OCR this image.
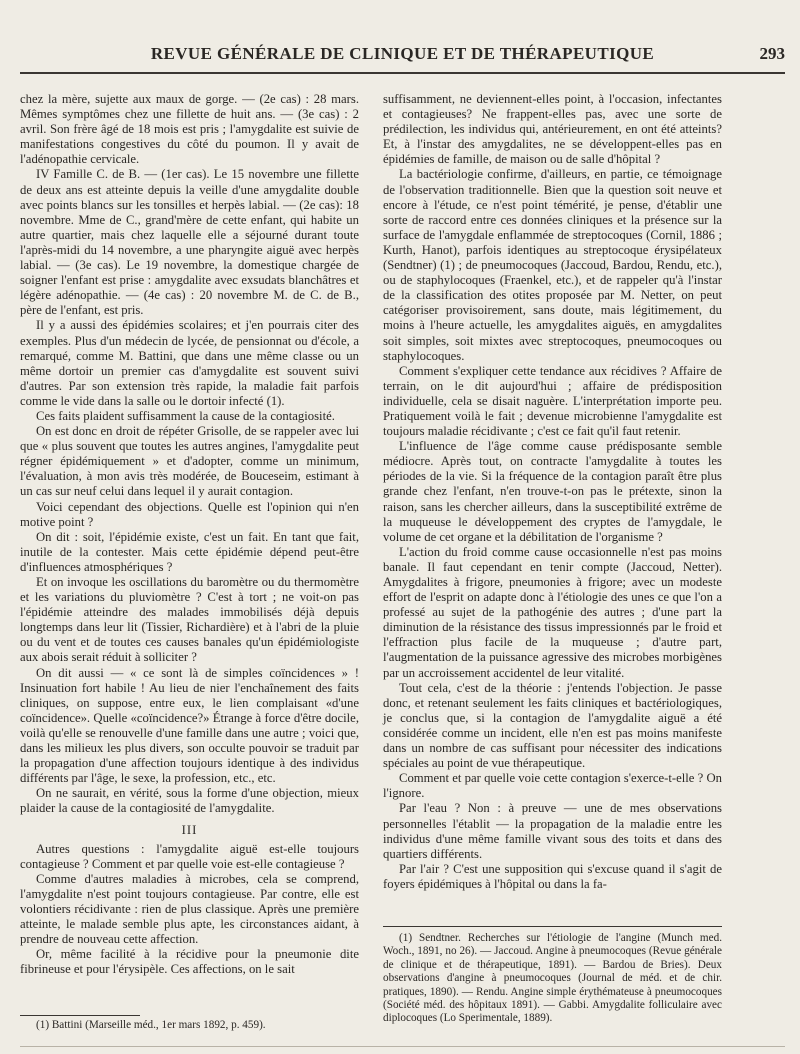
REVUE GÉNÉRALE DE CLINIQUE ET DE THÉRAPEUTIQUE	293

chez la mère, sujette aux maux de gorge. — (2e cas) : 28 mars. Mêmes symptômes chez une fillette de huit ans. — (3e cas) : 2 avril. Son frère âgé de 18 mois est pris ; l'amygdalite est suivie de manifestations congestives du côté du poumon. Il y avait de l'adénopathie cervicale.

IV Famille C. de B. — (1er cas). Le 15 novembre une fillette de deux ans est atteinte depuis la veille d'une amygdalite double avec points blancs sur les tonsilles et herpès labial. — (2e cas): 18 novembre. Mme de C., grand'mère de cette enfant, qui habite un autre quartier, mais chez laquelle elle a séjourné durant toute l'après-midi du 14 novembre, a une pharyngite aiguë avec herpès labial. — (3e cas). Le 19 novembre, la domestique chargée de soigner l'enfant est prise : amygdalite avec exsudats blanchâtres et légère adénopathie. — (4e cas) : 20 novembre M. de C. de B., père de l'enfant, est pris.

Il y a aussi des épidémies scolaires; et j'en pourrais citer des exemples. Plus d'un médecin de lycée, de pensionnat ou d'école, a remarqué, comme M. Battini, que dans une même classe ou un même dortoir un premier cas d'amygdalite est souvent suivi d'autres. Par son extension très rapide, la maladie fait parfois comme le vide dans la salle ou le dortoir infecté (1).

Ces faits plaident suffisamment la cause de la contagiosité.

On est donc en droit de répéter Grisolle, de se rappeler avec lui que « plus souvent que toutes les autres angines, l'amygdalite peut régner épidémiquement » et d'adopter, comme un minimum, l'évaluation, à mon avis très modérée, de Bouceseim, estimant à un cas sur neuf celui dans lequel il y aurait contagion.

Voici cependant des objections. Quelle est l'opinion qui n'en motive point ?

On dit : soit, l'épidémie existe, c'est un fait. En tant que fait, inutile de la contester. Mais cette épidémie dépend peut-être d'influences atmosphériques ?

Et on invoque les oscillations du baromètre ou du thermomètre et les variations du pluviomètre ? C'est à tort ; ne voit-on pas l'épidémie atteindre des malades immobilisés déjà depuis longtemps dans leur lit (Tissier, Richardière) et à l'abri de la pluie ou du vent et de toutes ces causes banales qu'un épidémiologiste aux abois serait réduit à solliciter ?

On dit aussi — « ce sont là de simples coïncidences » ! Insinuation fort habile ! Au lieu de nier l'enchaînement des faits cliniques, on suppose, entre eux, le lien complaisant «d'une coïncidence». Quelle «coïncidence?» Étrange à force d'être docile, voilà qu'elle se renouvelle d'une famille dans une autre ; voici que, dans les milieux les plus divers, son occulte pouvoir se traduit par la propagation d'une affection toujours identique à des individus différents par l'âge, le sexe, la profession, etc., etc.

On ne saurait, en vérité, sous la forme d'une objection, mieux plaider la cause de la contagiosité de l'amygdalite.

III

Autres questions : l'amygdalite aiguë est-elle toujours contagieuse ? Comment et par quelle voie est-elle contagieuse ?

Comme d'autres maladies à microbes, cela se comprend, l'amygdalite n'est point toujours contagieuse. Par contre, elle est volontiers récidivante : rien de plus classique. Après une première atteinte, le malade semble plus apte, les circonstances aidant, à prendre de nouveau cette affection.

Or, même facilité à la récidive pour la pneumonie dite fibrineuse et pour l'érysipèle. Ces affections, on le sait

(1) Battini (Marseille méd., 1er mars 1892, p. 459).

suffisamment, ne deviennent-elles point, à l'occasion, infectantes et contagieuses? Ne frappent-elles pas, avec une sorte de prédilection, les individus qui, antérieurement, en ont été atteints? Et, à l'instar des amygdalites, ne se développent-elles pas en épidémies de famille, de maison ou de salle d'hôpital ?

La bactériologie confirme, d'ailleurs, en partie, ce témoignage de l'observation traditionnelle. Bien que la question soit neuve et encore à l'étude, ce n'est point témérité, je pense, d'établir une sorte de raccord entre ces données cliniques et la présence sur la surface de l'amygdale enflammée de streptocoques (Cornil, 1886 ; Kurth, Hanot), parfois identiques au streptocoque érysipélateux (Sendtner) (1) ; de pneumocoques (Jaccoud, Bardou, Rendu, etc.), ou de staphylocoques (Fraenkel, etc.), et de rappeler qu'à l'instar de la classification des otites proposée par M. Netter, on peut catégoriser provisoirement, sans doute, mais légitimement, du moins à l'heure actuelle, les amygdalites aiguës, en amygdalites soit simples, soit mixtes avec streptocoques, pneumocoques ou staphylocoques.

Comment s'expliquer cette tendance aux récidives ? Affaire de terrain, on le dit aujourd'hui ; affaire de prédisposition individuelle, cela se disait naguère. L'interprétation importe peu. Pratiquement voilà le fait ; devenue microbienne l'amygdalite est toujours maladie récidivante ; c'est ce fait qu'il faut retenir.

L'influence de l'âge comme cause prédisposante semble médiocre. Après tout, on contracte l'amygdalite à toutes les périodes de la vie. Si la fréquence de la contagion paraît être plus grande chez l'enfant, n'en trouve-t-on pas le prétexte, sinon la raison, sans les chercher ailleurs, dans la susceptibilité extrême de la muqueuse le développement des cryptes de l'amygdale, le volume de cet organe et la débilitation de l'organisme ?

L'action du froid comme cause occasionnelle n'est pas moins banale. Il faut cependant en tenir compte (Jaccoud, Netter). Amygdalites à frigore, pneumonies à frigore; avec un modeste effort de l'esprit on adapte donc à l'étiologie des unes ce que l'on a professé au sujet de la pathogénie des autres ; d'une part la diminution de la résistance des tissus impressionnés par le froid et l'effraction plus facile de la muqueuse ; d'autre part, l'augmentation de la puissance agressive des microbes morbigènes par un accroissement accidentel de leur vitalité.

Tout cela, c'est de la théorie : j'entends l'objection. Je passe donc, et retenant seulement les faits cliniques et bactériologiques, je conclus que, si la contagion de l'amygdalite aiguë a été considérée comme un incident, elle n'en est pas moins manifeste dans un nombre de cas suffisant pour nécessiter des indications spéciales au point de vue thérapeutique.

Comment et par quelle voie cette contagion s'exerce-t-elle ? On l'ignore.

Par l'eau ? Non : à preuve — une de mes observations personnelles l'établit — la propagation de la maladie entre les individus d'une même famille vivant sous des toits et dans des quartiers différents.

Par l'air ? C'est une supposition qui s'excuse quand il s'agit de foyers épidémiques à l'hôpital ou dans la fa-

(1) Sendtner. Recherches sur l'étiologie de l'angine (Munch med. Woch., 1891, no 26). — Jaccoud. Angine à pneumocoques (Revue générale de clinique et de thérapeutique, 1891). — Bardou de Bries). Deux observations d'angine à pneumocoques (Journal de méd. et de chir. pratiques, 1890). — Rendu. Angine simple érythémateuse à pneumocoques (Société méd. des hôpitaux 1891). — Gabbi. Amygdalite folliculaire avec diplocoques (Lo Sperimentale, 1889).
